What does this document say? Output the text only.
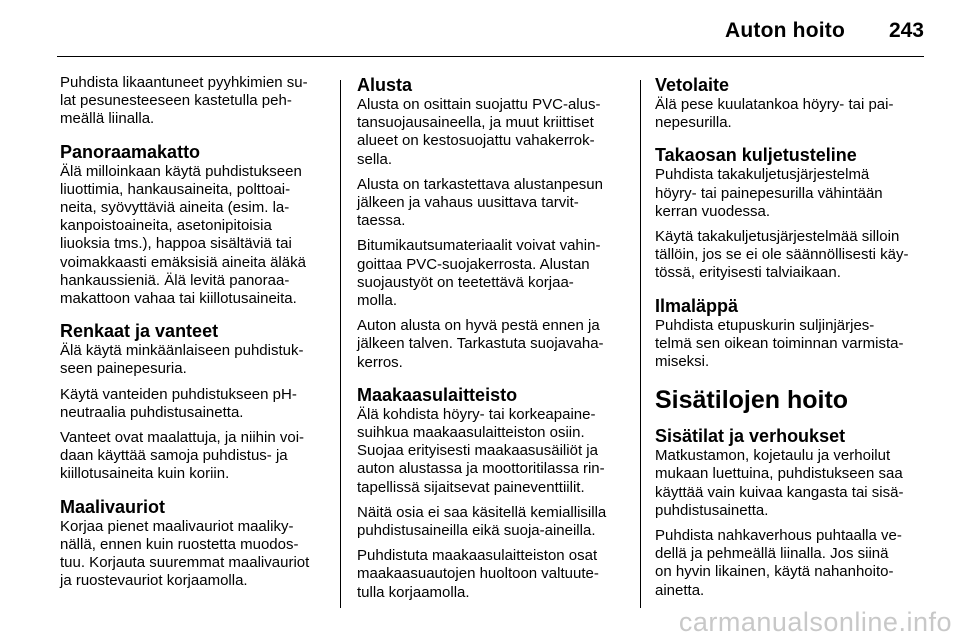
Auton hoito 243

Puhdista likaantuneet pyyhkimien su-
lat pesunesteeseen kastetulla peh-
meällä liinalla.

Panoraamakatto

Älä milloinkaan käytä puhdistukseen
liuottimia, hankausaineita, polttoai-
neita, syövyttäviä aineita (esim. la-
kanpoistoaineita, asetonipitoisia
liuoksia tms.), happoa sisältäviä tai
voimakkaasti emäksisiä aineita äläkä
hankaussieniä. Älä levitä panoraa-
makattoon vahaa tai kiillotusaineita.

Renkaat ja vanteet

Älä käytä minkäänlaiseen puhdistuk-
seen painepesuria.

Käytä vanteiden puhdistukseen pH-
neutraalia puhdistusainetta.

Vanteet ovat maalattuja, ja niihin voi-
daan käyttää samoja puhdistus- ja
kiillotusaineita kuin koriin.

Maalivauriot

Korjaa pienet maalivauriot maaliky-
nällä, ennen kuin ruostetta muodos-
tuu. Korjauta suuremmat maalivauriot
ja ruostevauriot korjaamolla.

Alusta

Alusta on osittain suojattu PVC-alus-
tansuojausaineella, ja muut kriittiset
alueet on kestosuojattu vahakerrok-
sella.

Alusta on tarkastettava alustanpesun
jälkeen ja vahaus uusittava tarvit-
taessa.

Bitumikautsumateriaalit voivat vahin-
goittaa PVC-suojakerrosta. Alustan
suojaustyöt on teetettävä korjaa-
molla.

Auton alusta on hyvä pestä ennen ja
jälkeen talven. Tarkastuta suojavaha-
kerros.

Maakaasulaitteisto

Älä kohdista höyry- tai korkeapaine-
suihkua maakaasulaitteiston osiin.
Suojaa erityisesti maakaasusäiliöt ja
auton alustassa ja moottoritilassa rin-
tapellissä sijaitsevat paineventtiilit.

Näitä osia ei saa käsitellä kemiallisilla
puhdistusaineilla eikä suoja-aineilla.

Puhdistuta maakaasulaitteiston osat
maakaasuautojen huoltoon valtuute-
tulla korjaamolla.

Vetolaite

Älä pese kuulatankoa höyry- tai pai-
nepesurilla.

Takaosan kuljetusteline

Puhdista takakuljetusjärjestelmä
höyry- tai painepesurilla vähintään
kerran vuodessa.

Käytä takakuljetusjärjestelmää silloin
tällöin, jos se ei ole säännöllisesti käy-
tössä, erityisesti talviaikaan.

Ilmaläppä

Puhdista etupuskurin suljinjärjes-
telmä sen oikean toiminnan varmista-
miseksi.

Sisätilojen hoito
Sisätilat ja verhoukset

Matkustamon, kojetaulu ja verhoilut
mukaan luettuina, puhdistukseen saa
käyttää vain kuivaa kangasta tai sisä-
puhdistusainetta.

Puhdista nahkaverhous puhtaalla ve-
dellä ja pehmeällä liinalla. Jos siinä
on hyvin likainen, käytä nahanhoito-
ainetta.

carmanualsonline.info
